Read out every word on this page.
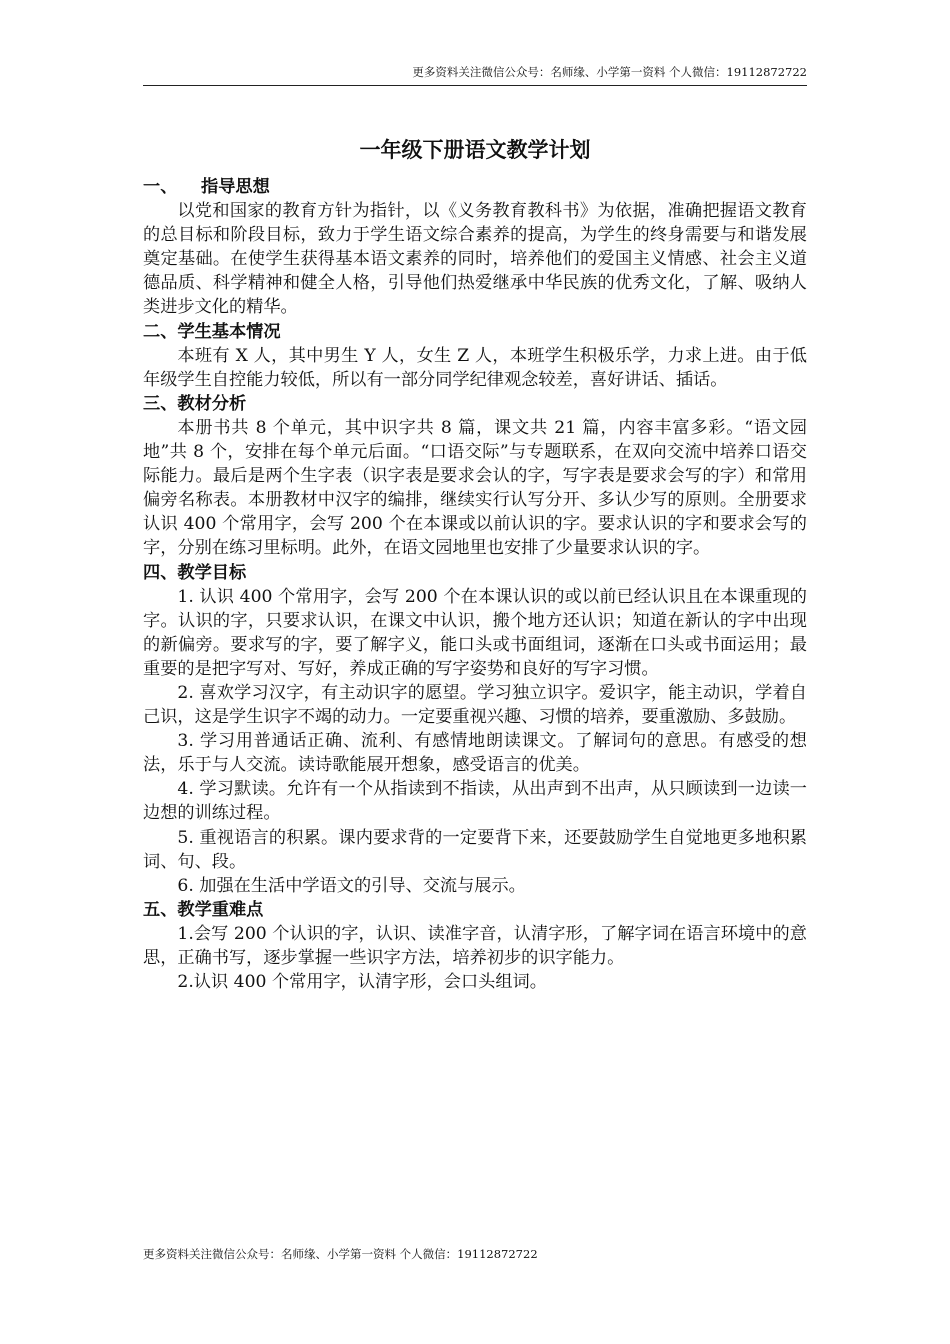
更多资料关注微信公众号：名师缘、小学第一资料 个人微信：19112872722
一年级下册语文教学计划
一、 指导思想

以党和国家的教育方针为指针，以《义务教育教科书》为依据，准确把握语文教育的总目标和阶段目标，致力于学生语文综合素养的提高，为学生的终身需要与和谐发展奠定基础。在使学生获得基本语文素养的同时，培养他们的爱国主义情感、社会主义道德品质、科学精神和健全人格，引导他们热爱继承中华民族的优秀文化，了解、吸纳人类进步文化的精华。

二、学生基本情况

本班有 X 人，其中男生 Y 人，女生 Z 人，本班学生积极乐学，力求上进。由于低年级学生自控能力较低，所以有一部分同学纪律观念较差，喜好讲话、插话。

三、教材分析

本册书共 8 个单元，其中识字共 8 篇，课文共 21 篇，内容丰富多彩。“语文园地”共 8 个，安排在每个单元后面。“口语交际”与专题联系，在双向交流中培养口语交际能力。最后是两个生字表（识字表是要求会认的字，写字表是要求会写的字）和常用偏旁名称表。本册教材中汉字的编排，继续实行认写分开、多认少写的原则。全册要求认识 400 个常用字，会写 200 个在本课或以前认识的字。要求认识的字和要求会写的字，分别在练习里标明。此外，在语文园地里也安排了少量要求认识的字。

四、教学目标

1. 认识 400 个常用字，会写 200 个在本课认识的或以前已经认识且在本课重现的字。认识的字，只要求认识，在课文中认识，搬个地方还认识；知道在新认的字中出现的新偏旁。要求写的字，要了解字义，能口头或书面组词，逐渐在口头或书面运用；最重要的是把字写对、写好，养成正确的写字姿势和良好的写字习惯。

2. 喜欢学习汉字，有主动识字的愿望。学习独立识字。爱识字，能主动识，学着自己识，这是学生识字不竭的动力。一定要重视兴趣、习惯的培养，要重激励、多鼓励。

3. 学习用普通话正确、流利、有感情地朗读课文。了解词句的意思。有感受的想法，乐于与人交流。读诗歌能展开想象，感受语言的优美。

4. 学习默读。允许有一个从指读到不指读，从出声到不出声，从只顾读到一边读一边想的训练过程。

5. 重视语言的积累。课内要求背的一定要背下来，还要鼓励学生自觉地更多地积累词、句、段。

6. 加强在生活中学语文的引导、交流与展示。

五、教学重难点

1.会写 200 个认识的字，认识、读准字音，认清字形，了解字词在语言环境中的意思，正确书写，逐步掌握一些识字方法，培养初步的识字能力。

2.认识 400 个常用字，认清字形，会口头组词。

更多资料关注微信公众号：名师缘、小学第一资料 个人微信：19112872722
